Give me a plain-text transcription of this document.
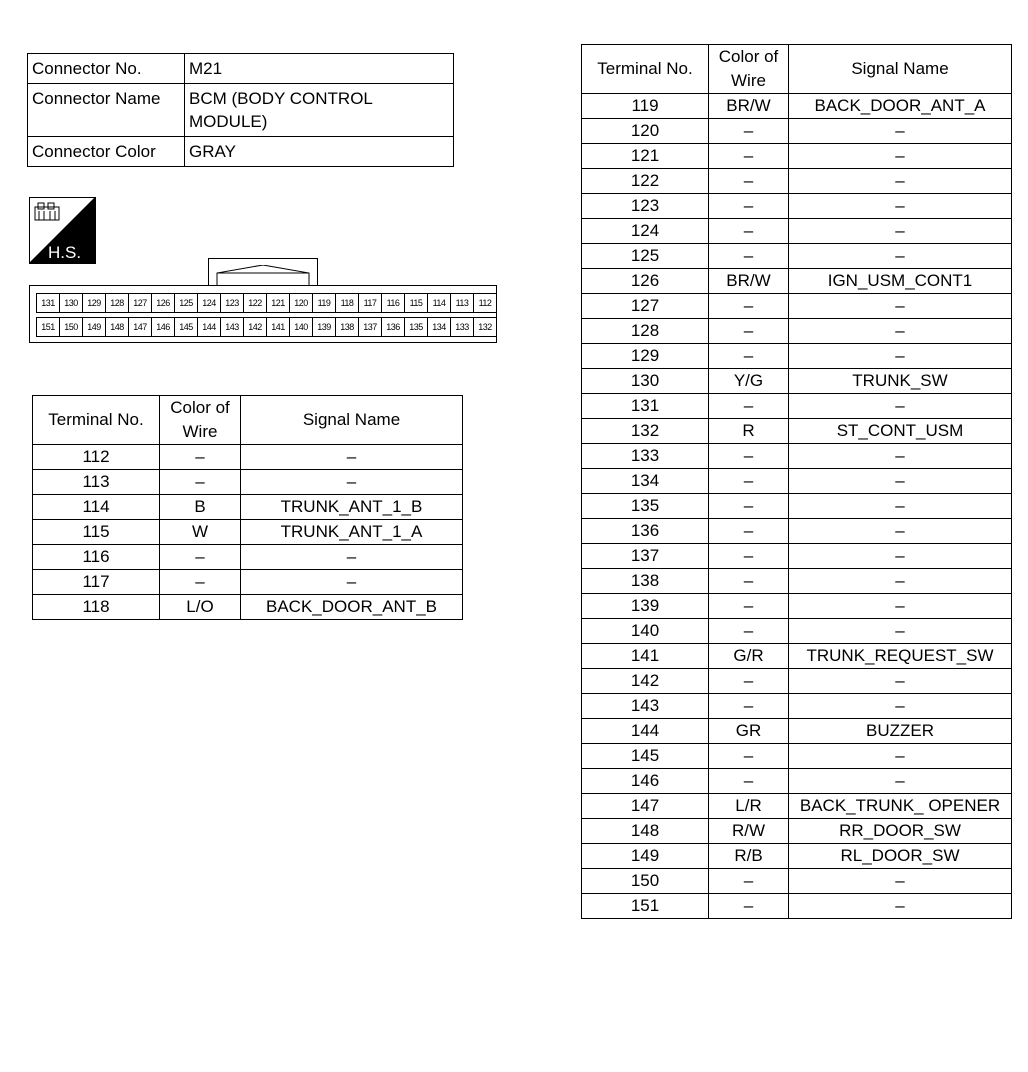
Connector No.	M21
Connector Name	BCM (BODY CONTROL MODULE)
Connector Color	GRAY
H.S.
131	130	129	128	127	126	125	124	123	122	121	120	119	118	117	116	115	114	113	112
151	150	149	148	147	146	145	144	143	142	141	140	139	138	137	136	135	134	133	132
Terminal No.	Color of Wire	Signal Name
112	–	–
113	–	–
114	B	TRUNK_ANT_1_B
115	W	TRUNK_ANT_1_A
116	–	–
117	–	–
118	L/O	BACK_DOOR_ANT_B
Terminal No.	Color of Wire	Signal Name
119	BR/W	BACK_DOOR_ANT_A
120	–	–
121	–	–
122	–	–
123	–	–
124	–	–
125	–	–
126	BR/W	IGN_USM_CONT1
127	–	–
128	–	–
129	–	–
130	Y/G	TRUNK_SW
131	–	–
132	R	ST_CONT_USM
133	–	–
134	–	–
135	–	–
136	–	–
137	–	–
138	–	–
139	–	–
140	–	–
141	G/R	TRUNK_REQUEST_SW
142	–	–
143	–	–
144	GR	BUZZER
145	–	–
146	–	–
147	L/R	BACK_TRUNK_ OPENER
148	R/W	RR_DOOR_SW
149	R/B	RL_DOOR_SW
150	–	–
151	–	–
